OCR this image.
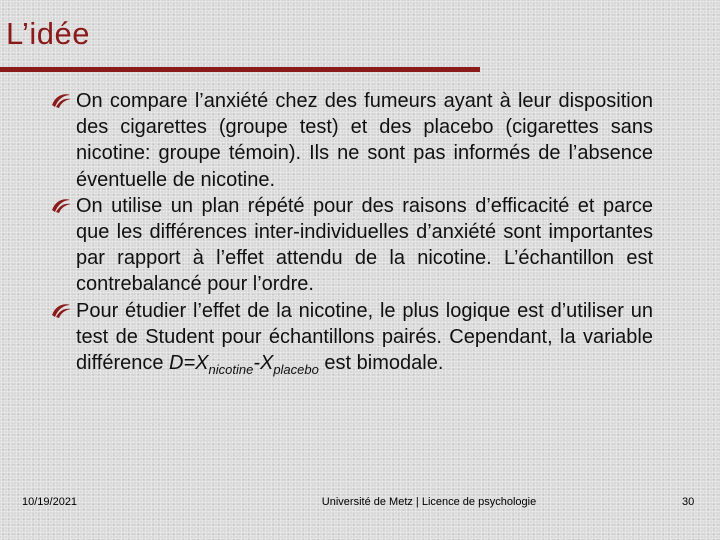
L’idée

On compare l’anxiété chez des fumeurs ayant à leur disposition des cigarettes (groupe test) et des placebo (cigarettes sans nicotine: groupe témoin). Ils ne sont pas informés de l’absence éventuelle de nicotine.

On utilise un plan répété pour des raisons d’efficacité et parce que les différences inter-individuelles d’anxiété sont importantes par rapport à l’effet attendu de la nicotine. L’échantillon est contrebalancé pour l’ordre.

Pour étudier l’effet de la nicotine, le plus logique est d’utiliser un test de Student pour échantillons pairés. Cependant, la variable différence $D=X_{nicotine}-X_{placebo}$ est bimodale.

10/19/2021	Université de Metz | Licence de psychologie	30
